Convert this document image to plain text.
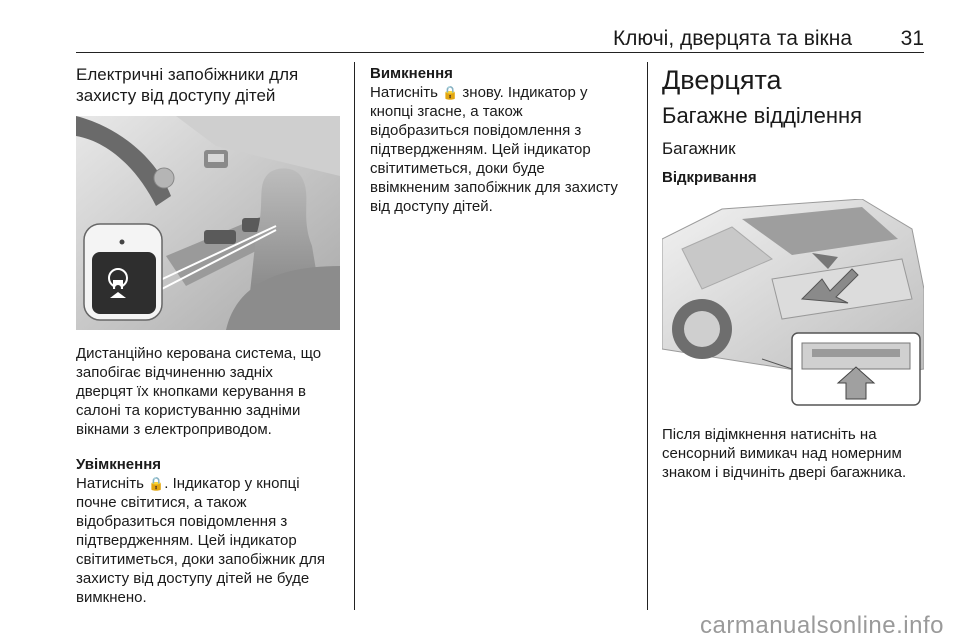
Ключі, дверцята та вікна 31

Електричні запобіжники для
захисту від доступу дітей

Дистанційно керована система, що
запобігає відчиненню задніх
дверцят їх кнопками керування в
салоні та користуванню задніми
вікнами з електроприводом.

Увімкнення

Натисніть 🔒. Індикатор у кнопці
почне світитися, а також
відобразиться повідомлення з
підтвердженням. Цей індикатор
світитиметься, доки запобіжник для
захисту від доступу дітей не буде
вимкнено.

Вимкнення

Натисніть 🔒 знову. Індикатор у
кнопці згасне, а також
відобразиться повідомлення з
підтвердженням. Цей індикатор
світитиметься, доки буде
ввімкненим запобіжник для захисту
від доступу дітей.

Дверцята

Багажне відділення

Багажник

Відкривання

Після відімкнення натисніть на
сенсорний вимикач над номерним
знаком і відчиніть двері багажника.

carmanualsonline.info
